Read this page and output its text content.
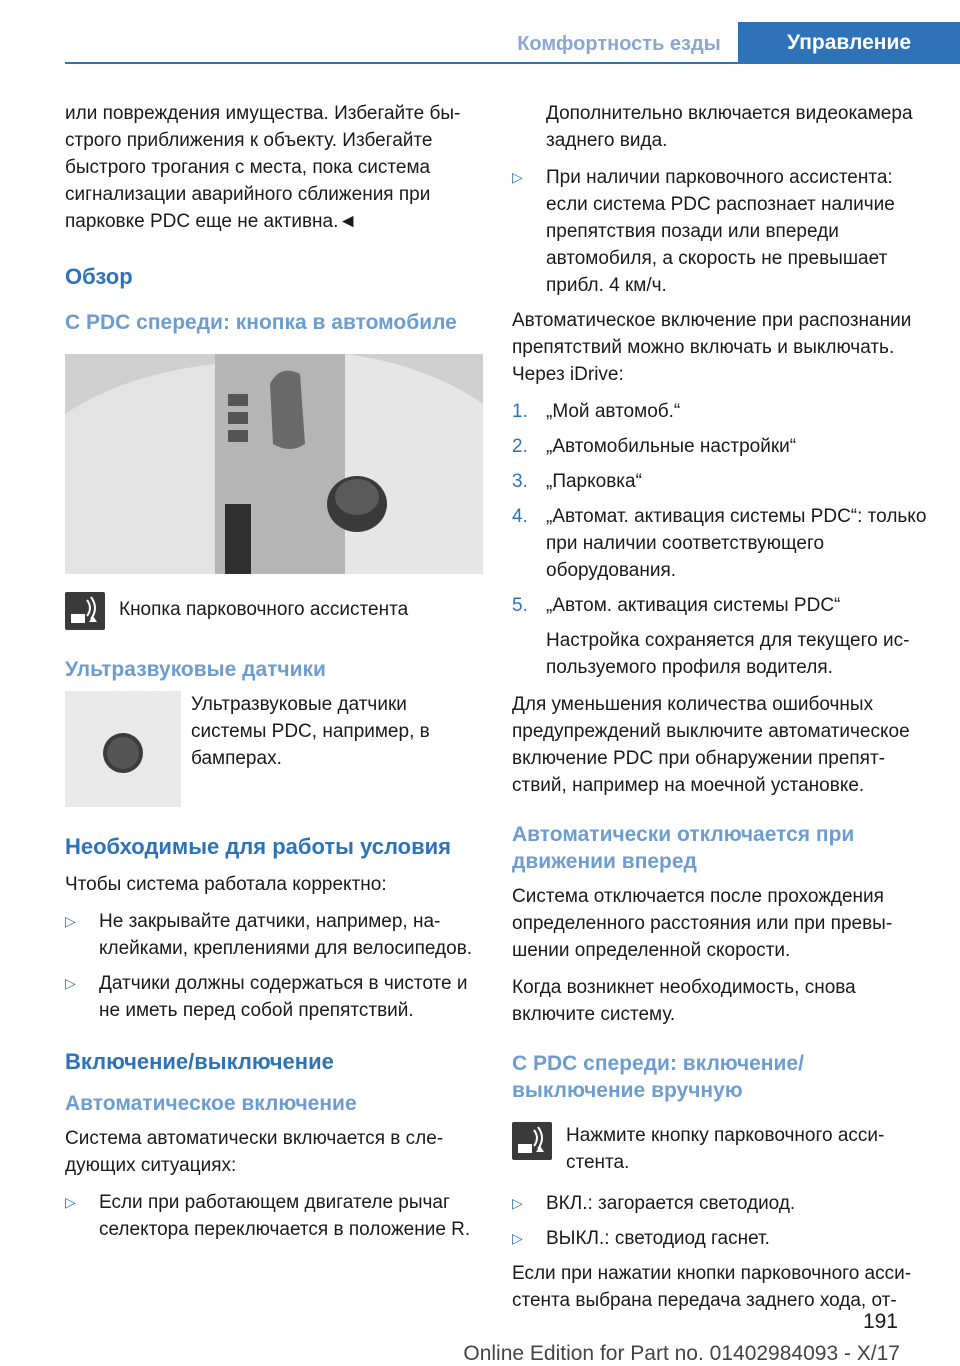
Комфортность езды	Управление

или повреждения имущества. Избегайте бы-строго приближения к объекту. Избегайте быстрого трогания с места, пока система сигнализации аварийного сближения при парковке PDC еще не активна.◄

Обзор
С PDC спереди: кнопка в автомобиле

Кнопка парковочного ассистента

Ультразвуковые датчики

Ультразвуковые датчики системы PDC, например, в бамперах.

Необходимые для работы условия

Чтобы система работала корректно:

▷ Не закрывайте датчики, например, на-клейками, креплениями для велосипедов.
▷ Датчики должны содержаться в чистоте и не иметь перед собой препятствий.
Включение/выключение
Автоматическое включение

Система автоматически включается в сле-дующих ситуациях:

▷ Если при работающем двигателе рычаг селектора переключается в положение R.

Дополнительно включается видеокамера заднего вида.

▷ При наличии парковочного ассистента: если система PDC распознает наличие препятствия позади или впереди автомобиля, а скорость не превышает прибл. 4 км/ч.

Автоматическое включение при распознании препятствий можно включать и выключать. Через iDrive:

1. „Мой автомоб.“
2. „Автомобильные настройки“
3. „Парковка“
4. „Автомат. активация системы PDC“: только при наличии соответствующего оборудования.
5. „Автом. активация системы PDC“

Настройка сохраняется для текущего ис-пользуемого профиля водителя.

Для уменьшения количества ошибочных предупреждений выключите автоматическое включение PDC при обнаружении препят-ствий, например на моечной установке.

Автоматически отключается при движении вперед

Система отключается после прохождения определенного расстояния или при превы-шении определенной скорости.

Когда возникнет необходимость, снова включите систему.

С PDC спереди: включение/ выключение вручную

Нажмите кнопку парковочного асси-стента.

▷ ВКЛ.: загорается светодиод.
▷ ВЫКЛ.: светодиод гаснет.

Если при нажатии кнопки парковочного асси-стента выбрана передача заднего хода, от-

191
Online Edition for Part no. 01402984093 - X/17
